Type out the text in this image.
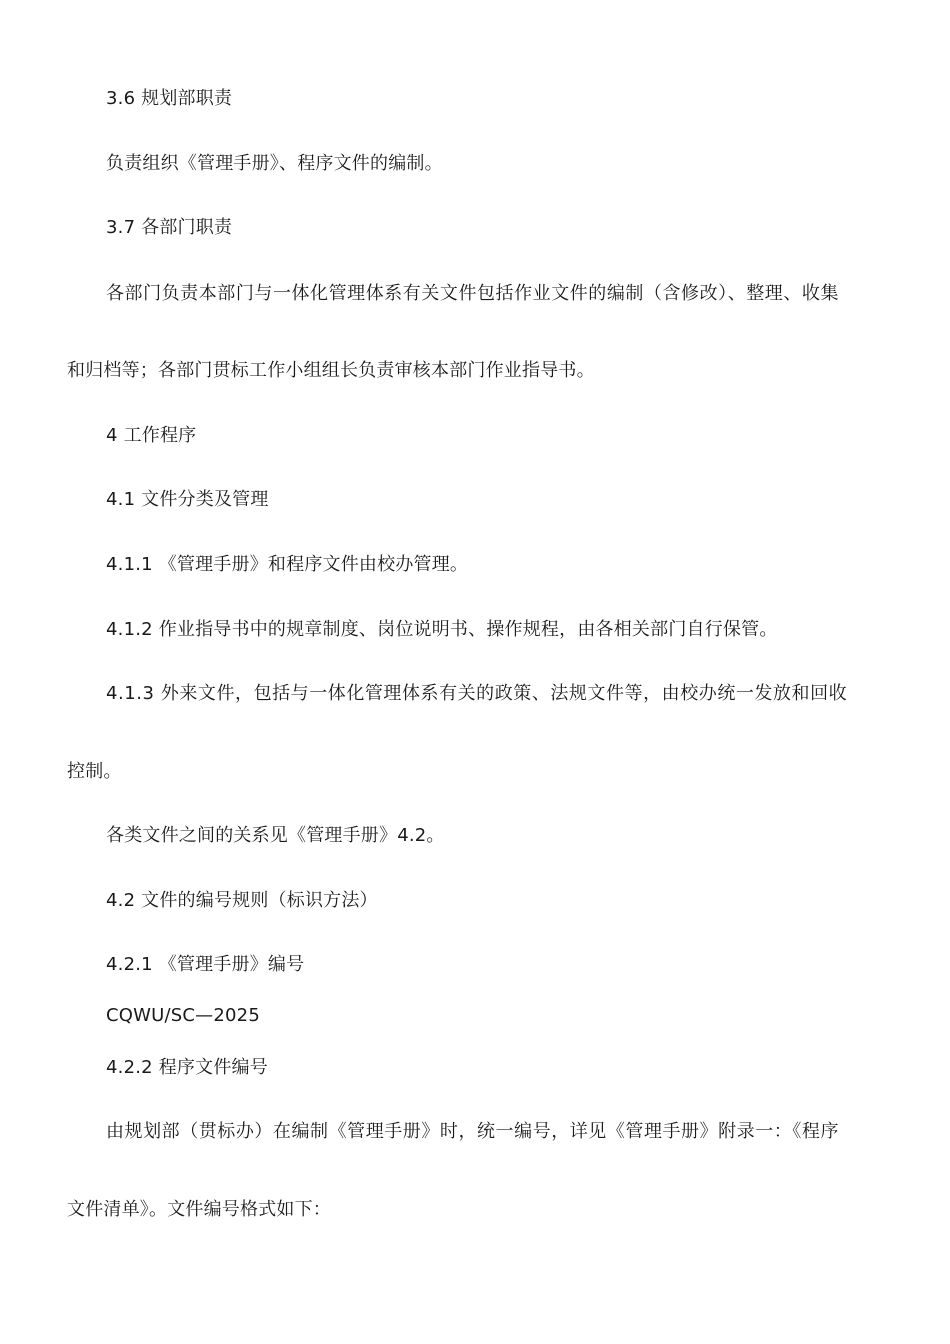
3.6 规划部职责
负责组织《管理手册》、程序文件的编制。
3.7 各部门职责
各部门负责本部门与一体化管理体系有关文件包括作业文件的编制（含修改）、整理、收集
和归档等；各部门贯标工作小组组长负责审核本部门作业指导书。
4 工作程序
4.1 文件分类及管理
4.1.1 《管理手册》和程序文件由校办管理。
4.1.2 作业指导书中的规章制度、岗位说明书、操作规程，由各相关部门自行保管。
4.1.3 外来文件，包括与一体化管理体系有关的政策、法规文件等，由校办统一发放和回收
控制。
各类文件之间的关系见《管理手册》4.2。
4.2 文件的编号规则（标识方法）
4.2.1 《管理手册》编号
CQWU/SC—2025
4.2.2 程序文件编号
由规划部（贯标办）在编制《管理手册》时，统一编号，详见《管理手册》附录一：《程序
文件清单》。文件编号格式如下：
